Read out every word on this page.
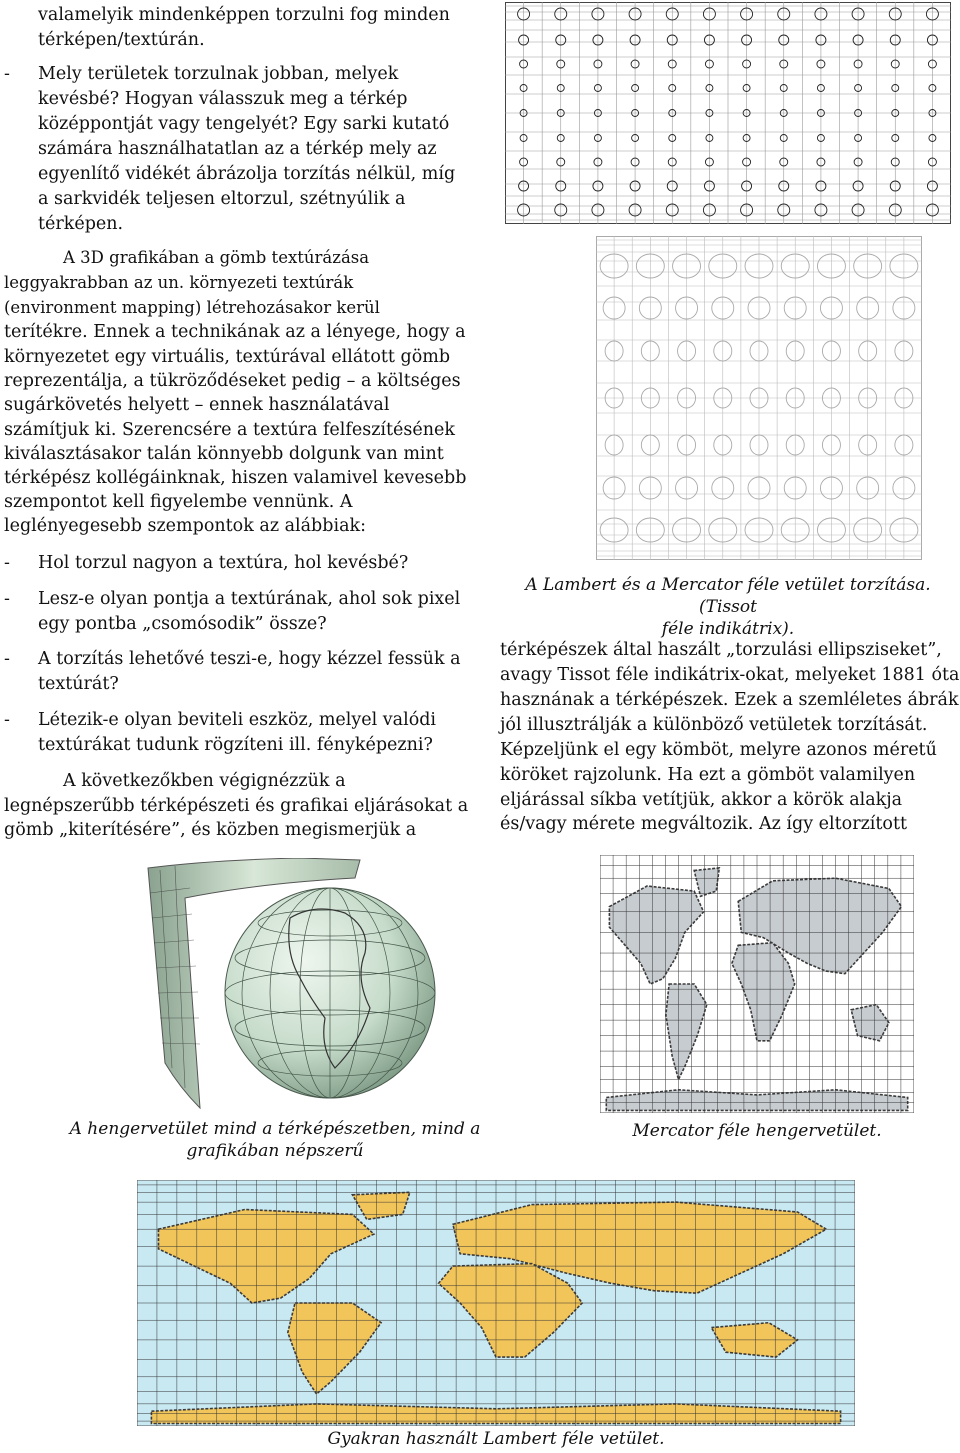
valamelyik mindenképpen torzulni fog minden
térképen/textúrán.
- Mely területek torzulnak jobban, melyek
kevésbé? Hogyan válasszuk meg a térkép
középpontját vagy tengelyét? Egy sarki kutató
számára használhatatlan az a térkép mely az
egyenlítő vidékét ábrázolja torzítás nélkül, míg
a sarkvidék teljesen eltorzul, szétnyúlik a
térképen.
A 3D grafikában a gömb textúrázása
leggyakrabban az un. környezeti textúrák
(environment mapping) létrehozásakor kerül
terítékre. Ennek a technikának az a lényege, hogy a
környezetet egy virtuális, textúrával ellátott gömb
reprezentálja, a tükröződéseket pedig – a költséges
sugárkövetés helyett – ennek használatával
számítjuk ki. Szerencsére a textúra felfeszítésének
kiválasztásakor talán könnyebb dolgunk van mint
térképész kollégáinknak, hiszen valamivel kevesebb
szempontot kell figyelembe vennünk. A
leglényegesebb szempontok az alábbiak:
- Hol torzul nagyon a textúra, hol kevésbé?
- Lesz-e olyan pontja a textúrának, ahol sok pixel
egy pontba „csomósodik” össze?
- A torzítás lehetővé teszi-e, hogy kézzel fessük a
textúrát?
- Létezik-e olyan beviteli eszköz, melyel valódi
textúrákat tudunk rögzíteni ill. fényképezni?
A következőkben végignézzük a
legnépszerűbb térképészeti és grafikai eljárásokat a
gömb „kiterítésére”, és közben megismerjük a
A Lambert és a Mercator féle vetület torzítása. (Tissot
féle indikátrix).
térképészek által haszált „torzulási ellipsziseket”,
avagy Tissot féle indikátrix-okat, melyeket 1881 óta
hasznának a térképészek. Ezek a szemléletes ábrák
jól illusztrálják a különböző vetületek torzítását.
Képzeljünk el egy kömböt, melyre azonos méretű
köröket rajzolunk. Ha ezt a gömböt valamilyen
eljárással síkba vetítjük, akkor a körök alakja
és/vagy mérete megváltozik. Az így eltorzított
A hengervetület mind a térképészetben, mind a
grafikában népszerű
Mercator féle hengervetület.
Gyakran használt Lambert féle vetület.
